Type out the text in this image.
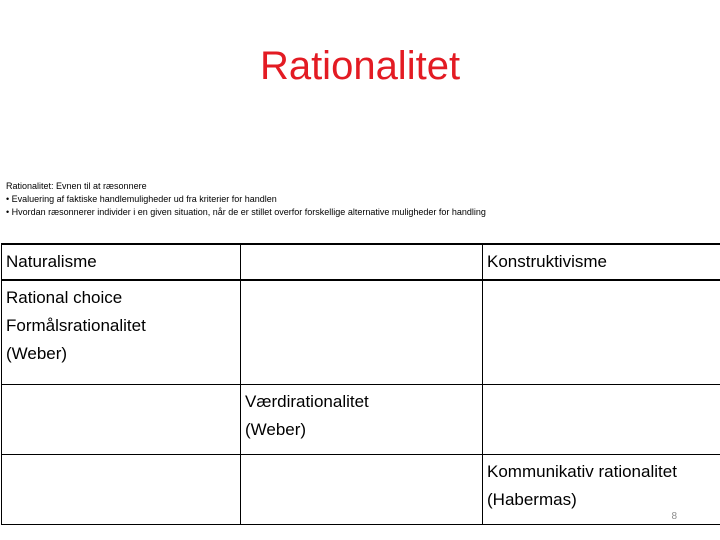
Rationalitet
Rationalitet: Evnen til at ræsonnere
• Evaluering af faktiske handlemuligheder ud fra kriterier for handlen
• Hvordan ræsonnerer individer i en given situation, når de er stillet overfor forskellige alternative muligheder for handling
Naturalisme		Konstruktivisme

Rational choice
Formålsrationalitet
(Weber)		

	Værdirationalitet
(Weber)	

		Kommunikativ rationalitet
(Habermas)
8
